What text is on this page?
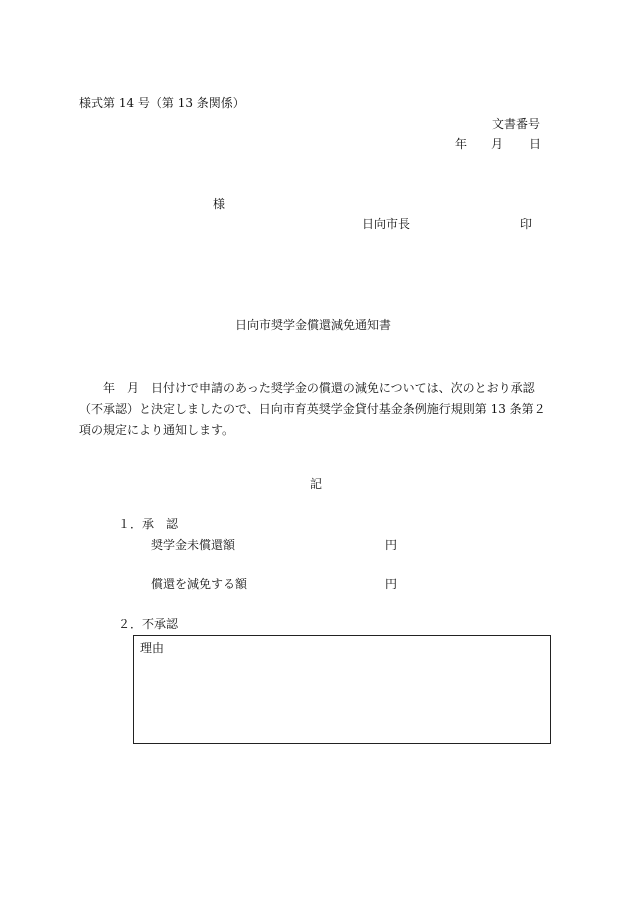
様式第 14 号（第 13 条関係）
文書番号
年 月 日
様
日向市長	印
日向市奨学金償還減免通知書
年　月　日付けで申請のあった奨学金の償還の減免については、次のとおり承認
（不承認）と決定しましたので、日向市育英奨学金貸付基金条例施行規則第 13 条第２
項の規定により通知します。
記
１．承　認
奨学金未償還額	円
償還を減免する額	円
２．不承認
理由
